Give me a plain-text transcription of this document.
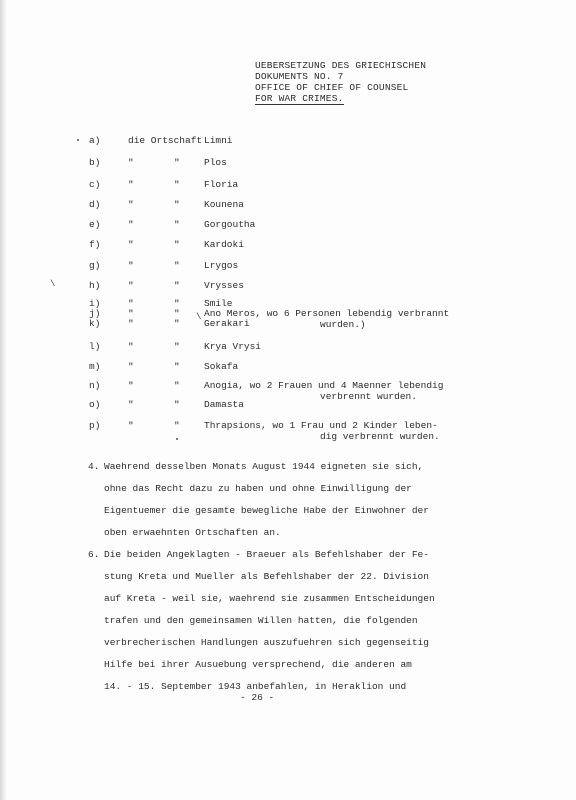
UEBERSETZUNG DES GRIECHISCHEN
DOKUMENTS NO. 7
OFFICE OF CHIEF OF COUNSEL
FOR WAR CRIMES.
a)	die Ortschaft Limni
b)	"	"	Plos
c)	"	"	Floria
d)	"	"	Kounena
e)	"	"	Gorgoutha
f)	"	"	Kardoki
g)	"	"	Lrygos
h)	"	"	Vrysses
i)	"	"	Smile
j)	"	"	Ano Meros, wo 6 Personen lebendig verbrannt
wurden.)
k)	"	"	Gerakari
l)	"	"	Krya Vrysi
m)	"	"	Sokafa
n)	"	"	Anogia, wo 2 Frauen und 4 Maenner lebendig
verbrennt wurden.
o)	"	"	Damasta
p)	"	"	Thrapsions, wo 1 Frau und 2 Kinder leben-
dig verbrennt wurden.
\
\
4. Waehrend desselben Monats August 1944 eigneten sie sich,
ohne das Recht dazu zu haben und ohne Einwilligung der
Eigentuemer die gesamte bewegliche Habe der Einwohner der
oben erwaehnten Ortschaften an.
6. Die beiden Angeklagten - Braeuer als Befehlshaber der Fe-
stung Kreta und Mueller als Befehlshaber der 22. Division
auf Kreta - weil sie, waehrend sie zusammen Entscheidungen
trafen und den gemeinsamen Willen hatten, die folgenden
verbrecherischen Handlungen auszufuehren sich gegenseitig
Hilfe bei ihrer Ausuebung versprechend, die anderen am
14. - 15. September 1943 anbefahlen, in Heraklion und
- 26 -
